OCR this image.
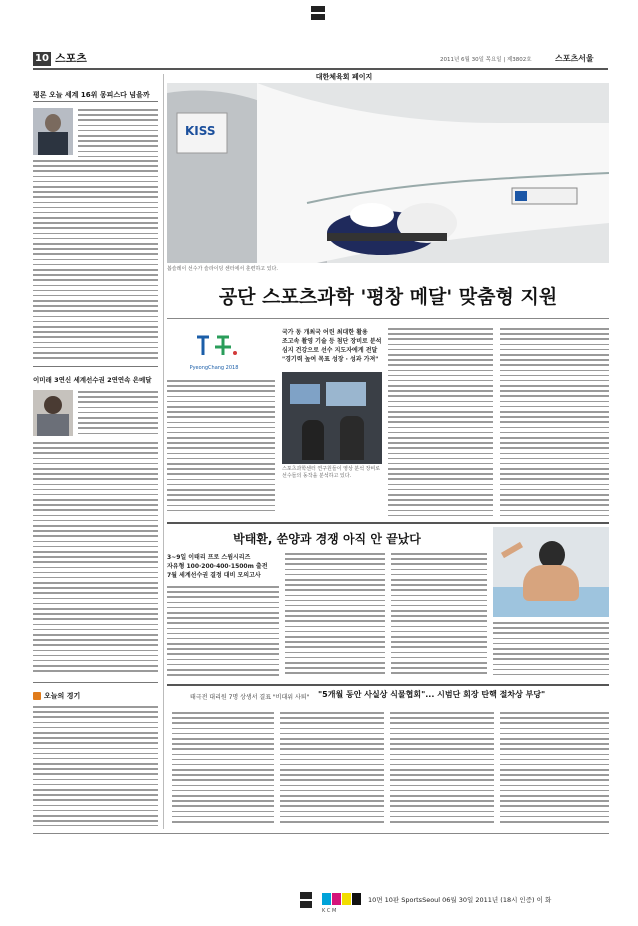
10 스포츠	2011년 6월 30일 목요일 | 제3802호	스포츠서울
평론 오늘 세계 16위 몽피스다 넘을까
이미래 3연신 세계선수권 2연연속 은메달
오늘의 경기
대한체육회 페이지
KISS
봅슬레이 선수가 슬라이딩 센터에서 훈련하고 있다.
공단 스포츠과학 '평창 메달' 맞춤형 지원
PyeongChang 2018
국가 동 개최국 어린 최대한 활용
조고속 촬영 기술 등 첨단 장비로 분석
심지 건강으로 선수 지도자에게 전달
"경기력 높여 목표 성장 · 성과 가져"
스포츠과학센터 연구원들이 영상 분석 장비로 선수들의 동작을 분석하고 있다.
박태환, 쑨양과 경쟁 아직 안 끝났다
3~9일 이태리 프로 스윔시리즈
자유형 100·200·400·1500m 출전
7월 세계선수권 결정 대비 모의고사
태극전 대리원 7명 상생서 결표 "비대위 사퇴" "5개월 동안 사실상 식물협회"... 시범단 회장 탄핵 절차상 부당"
K C M
10면 10판 SportsSeoul 06월 30일 2011년 (18시 인증) 이 화
